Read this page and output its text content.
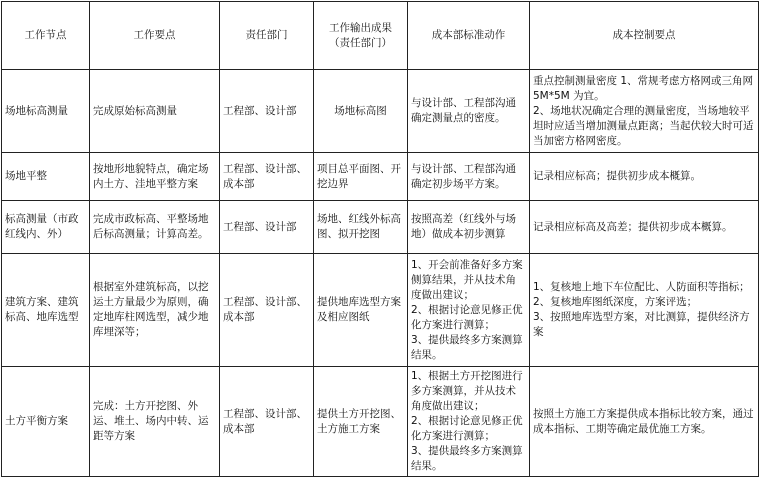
工作节点	工作要点	责任部门	工作输出成果
（责任部门）	成本部标准动作	成本控制要点

场地标高测量	完成原始标高测量	工程部、设计部	场地标高图	与设计部、工程部沟通确定测量点的密度。	重点控制测量密度 1、常规考虑方格网或三角网 5M*5M 为宜。
2、场地状况确定合理的测量密度，当场地较平坦时应适当增加测量点距离；当起伏较大时可适当加密方格网密度。

场地平整	按地形地貌特点，确定场内土方、洼地平整方案	工程部、设计部、成本部	项目总平面图、开挖边界	与设计部、工程部沟通确定初步场平方案。	记录相应标高；提供初步成本概算。

标高测量（市政红线内、外）	完成市政标高、平整场地后标高测量；计算高差。	工程部、设计部	场地、红线外标高图、拟开挖图	按照高差（红线外与场地）做成本初步测算	记录相应标高及高差；提供初步成本概算。

建筑方案、建筑标高、地库选型	根据室外建筑标高，以挖运土方量最少为原则，确定地库柱网选型，减少地库埋深等；	工程部、设计部、成本部	提供地库选型方案及相应图纸	1、开会前准备好多方案侧算结果，并从技术角度做出建议；
2、根据讨论意见修正优化方案进行测算；
3、提供最终多方案测算结果。	1、复核地上地下车位配比、人防面积等指标；
2、复核地库图纸深度，方案评选；
3、按照地库选型方案，对比测算，提供经济方案

土方平衡方案	完成：土方开挖图、外运、堆土、场内中转、运距等方案	工程部、设计部、成本部	提供土方开挖图、土方施工方案	1、根据土方开挖图进行多方案测算，并从技术角度做出建议；
2、根据讨论意见修正优化方案进行测算；
3、提供最终多方案测算结果。	按照土方施工方案提供成本指标比较方案，通过成本指标、工期等确定最优施工方案。
